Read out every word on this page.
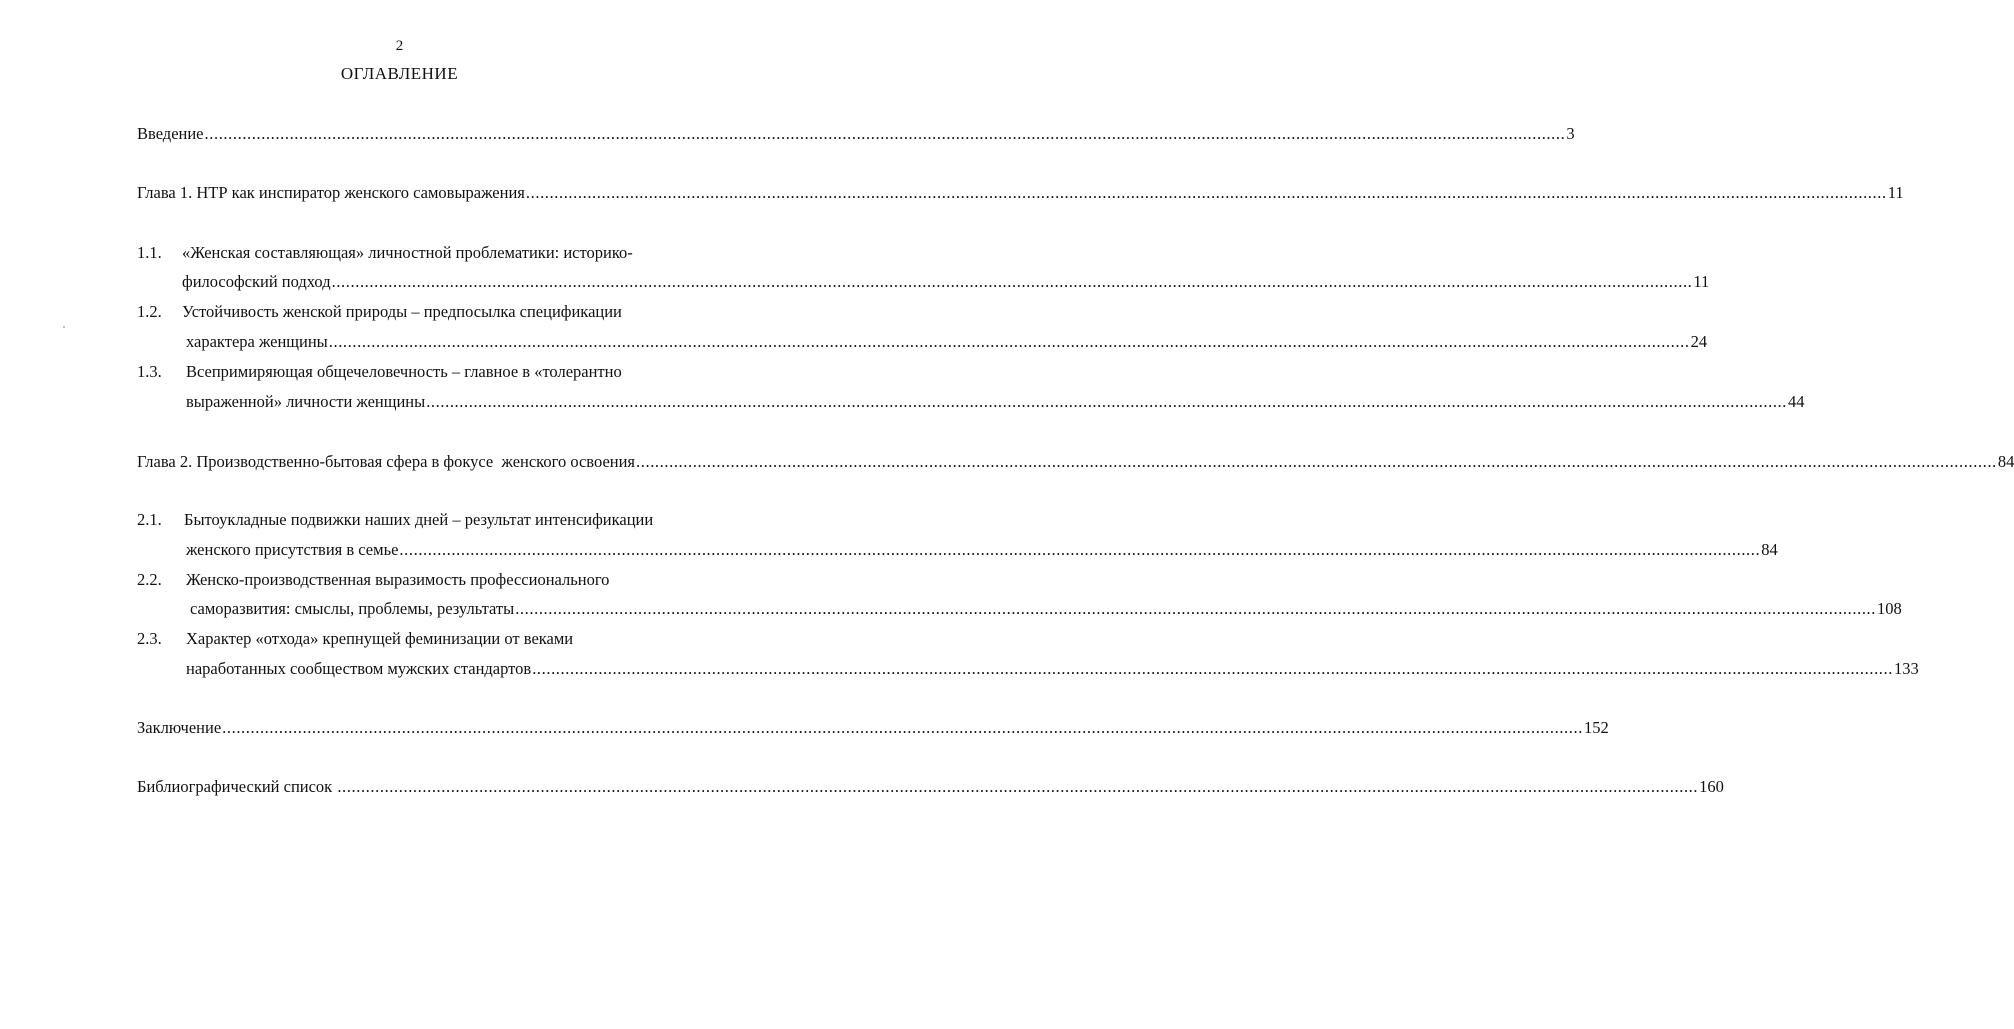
2
ОГЛАВЛЕНИЕ
Введение ................................................................................................................................................................................................................................................................................................ 3
Глава 1. НТР как инспиратор женского самовыражения ................................................................................................................................................................................................................................................................................................ 11
1.1. «Женская составляющая» личностной проблематики: историко-
философский подход ................................................................................................................................................................................................................................................................................................ 11
1.2. Устойчивость женской природы – предпосылка спецификации
характера женщины ................................................................................................................................................................................................................................................................................................ 24
1.3. Всепримиряющая общечеловечность – главное в «толерантно
выраженной» личности женщины ................................................................................................................................................................................................................................................................................................ 44
Глава 2. Производственно-бытовая сфера в фокусе  женского освоения ................................................................................................................................................................................................................................................................................................ 84
2.1. Бытоукладные подвижки наших дней – результат интенсификации
женского присутствия в семье ................................................................................................................................................................................................................................................................................................ 84
2.2. Женско-производственная выразимость профессионального
саморазвития: смыслы, проблемы, результаты ................................................................................................................................................................................................................................................................................................ 108
2.3. Характер «отхода» крепнущей феминизации от веками
наработанных сообществом мужских стандартов ................................................................................................................................................................................................................................................................................................ 133
Заключение ................................................................................................................................................................................................................................................................................................ 152
Библиографический список ................................................................................................................................................................................................................................................................................................ 160
